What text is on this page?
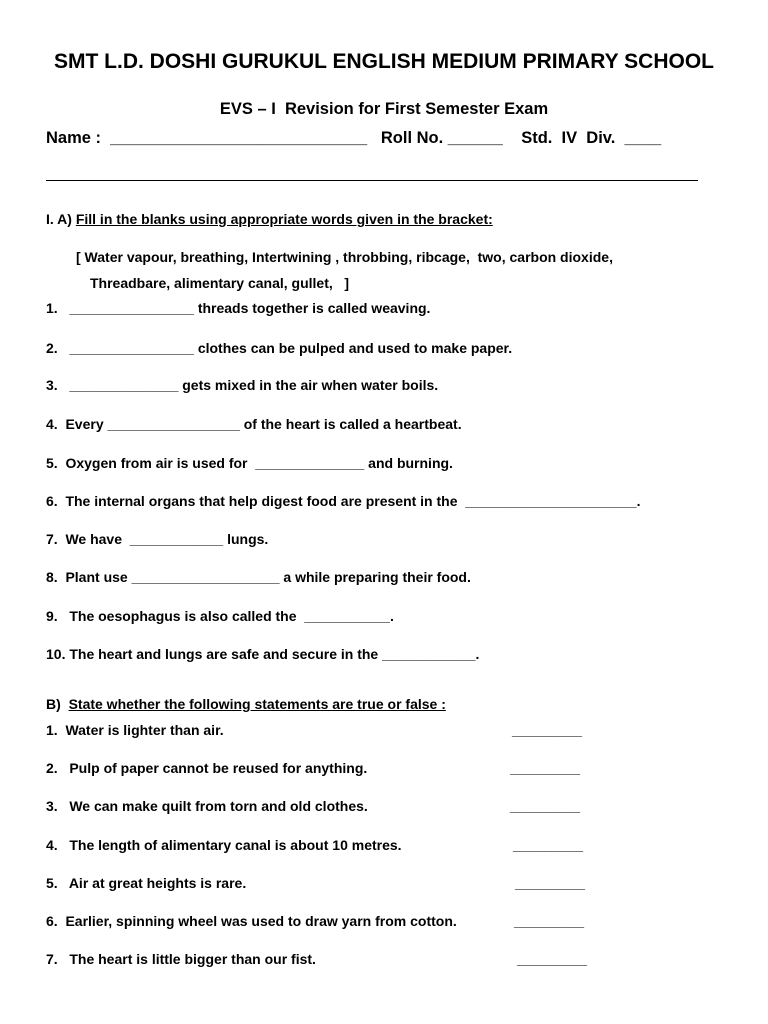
SMT L.D. DOSHI GURUKUL ENGLISH MEDIUM PRIMARY SCHOOL
EVS – I  Revision for First Semester Exam
Name :  ____________________________   Roll No. ______    Std.  IV  Div.  ____
I. A) Fill in the blanks using appropriate words given in the bracket:
[ Water vapour, breathing, Intertwining , throbbing, ribcage,  two, carbon dioxide,
Threadbare, alimentary canal, gullet,   ]
1.   ________________ threads together is called weaving.
2.   ________________ clothes can be pulped and used to make paper.
3.   ______________ gets mixed in the air when water boils.
4.  Every _________________ of the heart is called a heartbeat.
5.  Oxygen from air is used for  ______________ and burning.
6.  The internal organs that help digest food are present in the  ______________________.
7.  We have  ____________ lungs.
8.  Plant use ___________________ a while preparing their food.
9.   The oesophagus is also called the  ___________.
10. The heart and lungs are safe and secure in the ____________.
B)  State whether the following statements are true or false :
1.  Water is lighter than air.	_________
2.   Pulp of paper cannot be reused for anything.	_________
3.   We can make quilt from torn and old clothes.	_________
4.   The length of alimentary canal is about 10 metres.	_________
5.   Air at great heights is rare.	_________
6.  Earlier, spinning wheel was used to draw yarn from cotton.	_________
7.   The heart is little bigger than our fist.	_________
